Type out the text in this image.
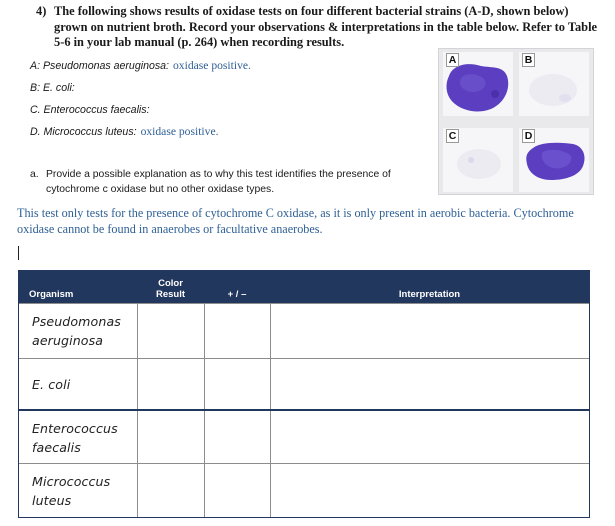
4) The following shows results of oxidase tests on four different bacterial strains (A-D, shown below) grown on nutrient broth. Record your observations & interpretations in the table below. Refer to Table 5-6 in your lab manual (p. 264) when recording results.
A: Pseudomonas aeruginosa: oxidase positive.
B: E. coli:
C. Enterococcus faecalis:
D. Micrococcus luteus: oxidase positive.
A	B
C	D
a. Provide a possible explanation as to why this test identifies the presence of cytochrome c oxidase but no other oxidase types.
This test only tests for the presence of cytochrome C oxidase, as it is only present in aerobic bacteria. Cytochrome oxidase cannot be found in anaerobes or facultative anaerobes.
Organism	Color Result	+ / –	Interpretation
Pseudomonas aeruginosa			
E. coli			
Enterococcus faecalis			
Micrococcus luteus			
